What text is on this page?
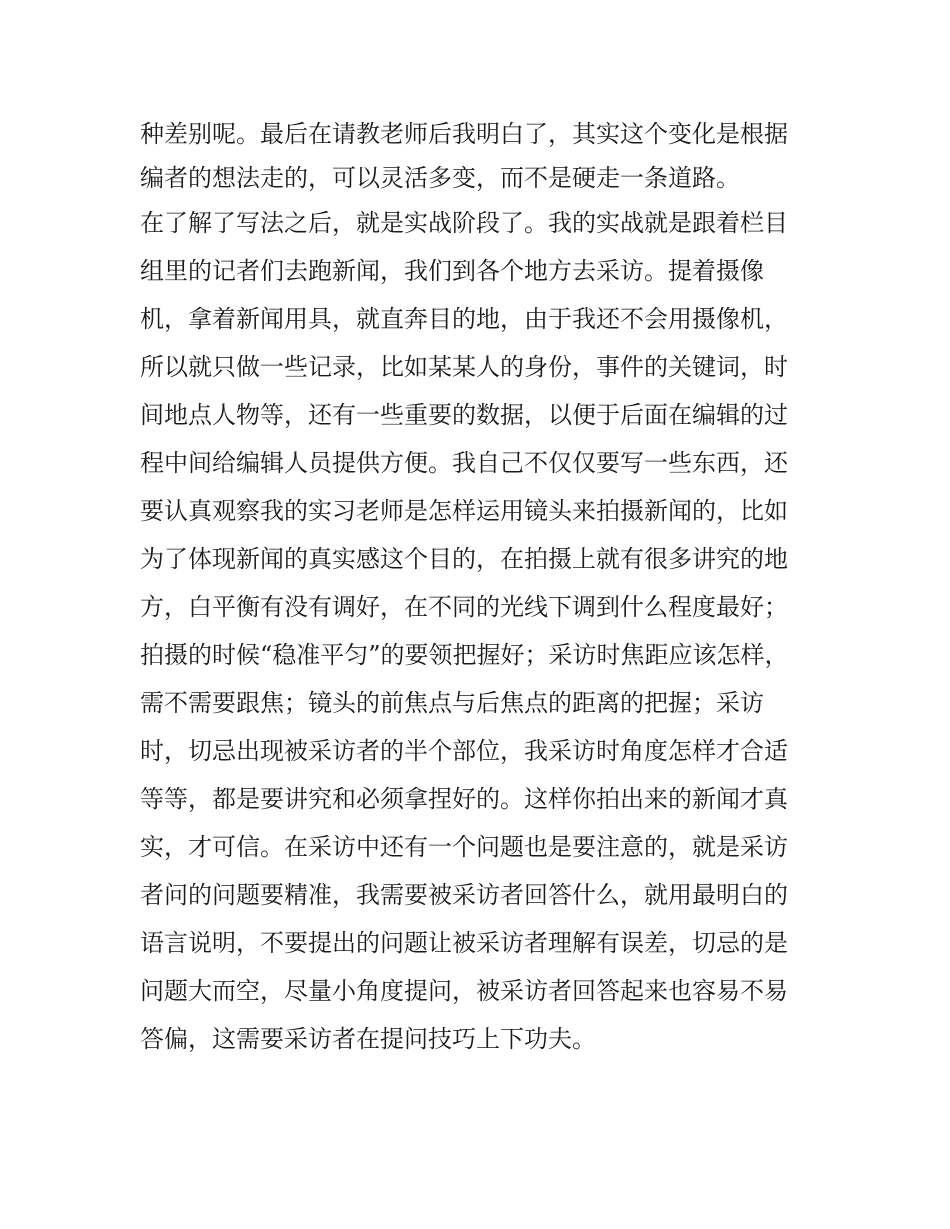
种差别呢。最后在请教老师后我明白了，其实这个变化是根据
编者的想法走的，可以灵活多变，而不是硬走一条道路。
在了解了写法之后，就是实战阶段了。我的实战就是跟着栏目
组里的记者们去跑新闻，我们到各个地方去采访。提着摄像
机，拿着新闻用具，就直奔目的地，由于我还不会用摄像机，
所以就只做一些记录，比如某某人的身份，事件的关键词，时
间地点人物等，还有一些重要的数据，以便于后面在编辑的过
程中间给编辑人员提供方便。我自己不仅仅要写一些东西，还
要认真观察我的实习老师是怎样运用镜头来拍摄新闻的，比如
为了体现新闻的真实感这个目的，在拍摄上就有很多讲究的地
方，白平衡有没有调好，在不同的光线下调到什么程度最好；
拍摄的时候“稳准平匀”的要领把握好；采访时焦距应该怎样，
需不需要跟焦；镜头的前焦点与后焦点的距离的把握；采访
时，切忌出现被采访者的半个部位，我采访时角度怎样才合适
等等，都是要讲究和必须拿捏好的。这样你拍出来的新闻才真
实，才可信。在采访中还有一个问题也是要注意的，就是采访
者问的问题要精准，我需要被采访者回答什么，就用最明白的
语言说明，不要提出的问题让被采访者理解有误差，切忌的是
问题大而空，尽量小角度提问，被采访者回答起来也容易不易
答偏，这需要采访者在提问技巧上下功夫。
